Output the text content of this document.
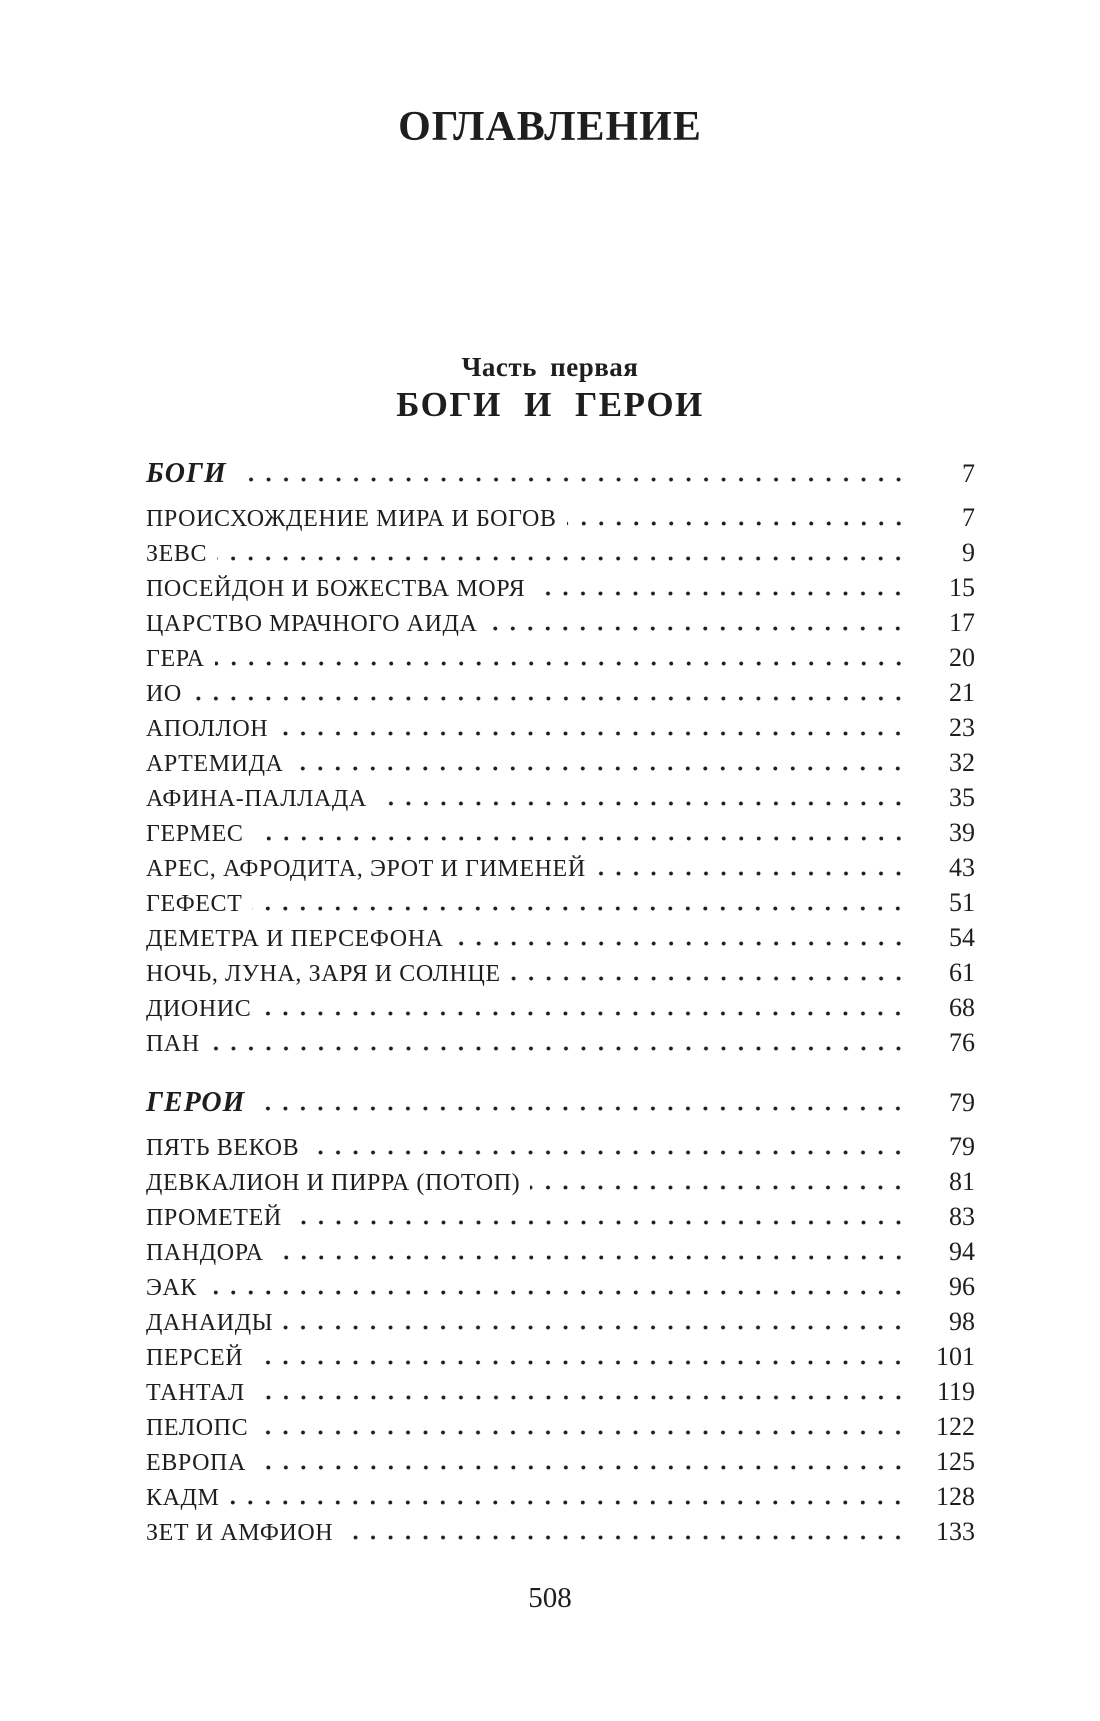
ОГЛАВЛЕНИЕ
Часть первая
БОГИ И ГЕРОИ
БОГИ	7
ПРОИСХОЖДЕНИЕ МИРА И БОГОВ	7
ЗЕВС	9
ПОСЕЙДОН И БОЖЕСТВА МОРЯ	15
ЦАРСТВО МРАЧНОГО АИДА	17
ГЕРА	20
ИО	21
АПОЛЛОН	23
АРТЕМИДА	32
АФИНА-ПАЛЛАДА	35
ГЕРМЕС	39
АРЕС, АФРОДИТА, ЭРОТ И ГИМЕНЕЙ	43
ГЕФЕСТ	51
ДЕМЕТРА И ПЕРСЕФОНА	54
НОЧЬ, ЛУНА, ЗАРЯ И СОЛНЦЕ	61
ДИОНИС	68
ПАН	76
ГЕРОИ	79
ПЯТЬ ВЕКОВ	79
ДЕВКАЛИОН И ПИРРА (ПОТОП)	81
ПРОМЕТЕЙ	83
ПАНДОРА	94
ЭАК	96
ДАНАИДЫ	98
ПЕРСЕЙ	101
ТАНТАЛ	119
ПЕЛОПС	122
ЕВРОПА	125
КАДМ	128
ЗЕТ И АМФИОН	133
508
